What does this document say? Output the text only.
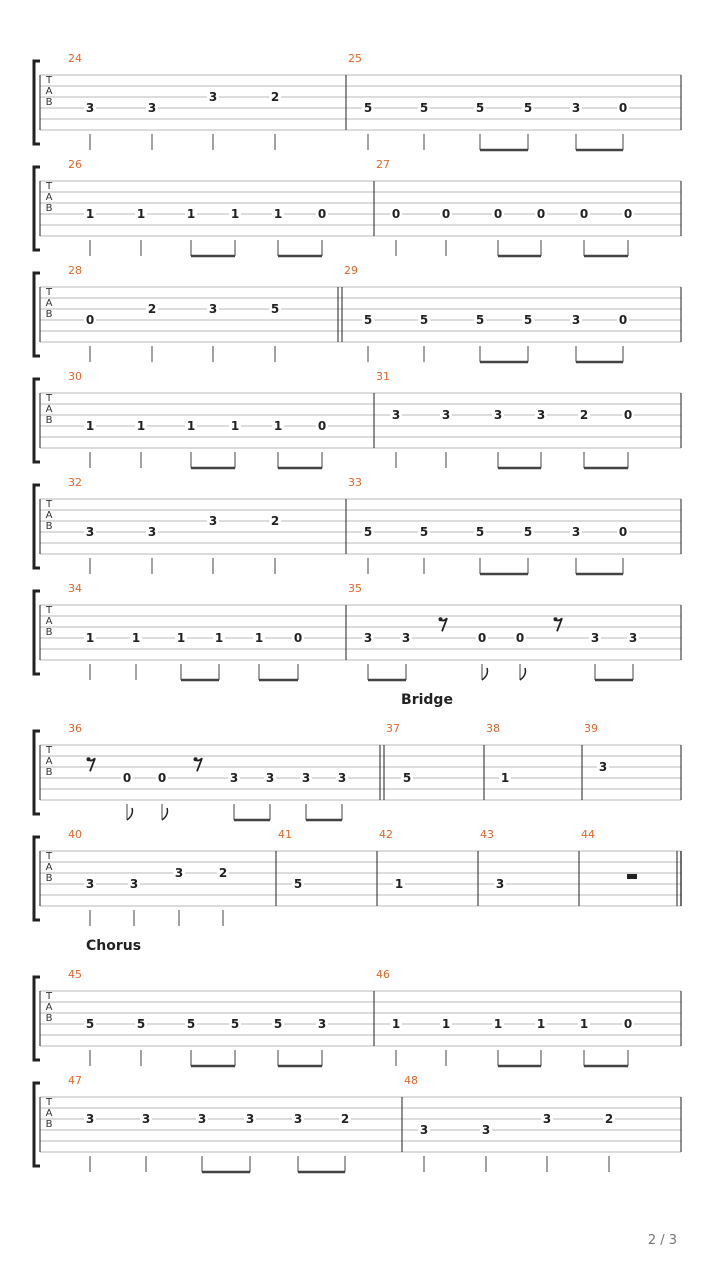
T
A
B
24
3	3
3	2
25
5	5	5	5	3	0
T
A
B
26
1	1	1	1	1	0
27
0	0	0	0	0	0
T
A
B
28
0
2	3	5
29
5	5	5	5	3	0
T
A
B
30
1	1	1	1	1	0
31
3	3	3	3	2	0
T
A
B
32
3	3
3	2
33
5	5	5	5	3	0
T
A
B
34
1	1	1 1	1	0
35
3 3	0 0	3 3
T
A
B
Bridge
36
0 0	3 3 3 3
37
5
38
1
39
3
T
A
B
40
3	3
3	2
41
5
42
1
43
3
44
T
A
B
Chorus
45
5	5	5	5	5	3
46
1	1	1	1	1	0
T
A
B
47
3	3	3	3	3	2
48
3	3
3	2
2 / 3
